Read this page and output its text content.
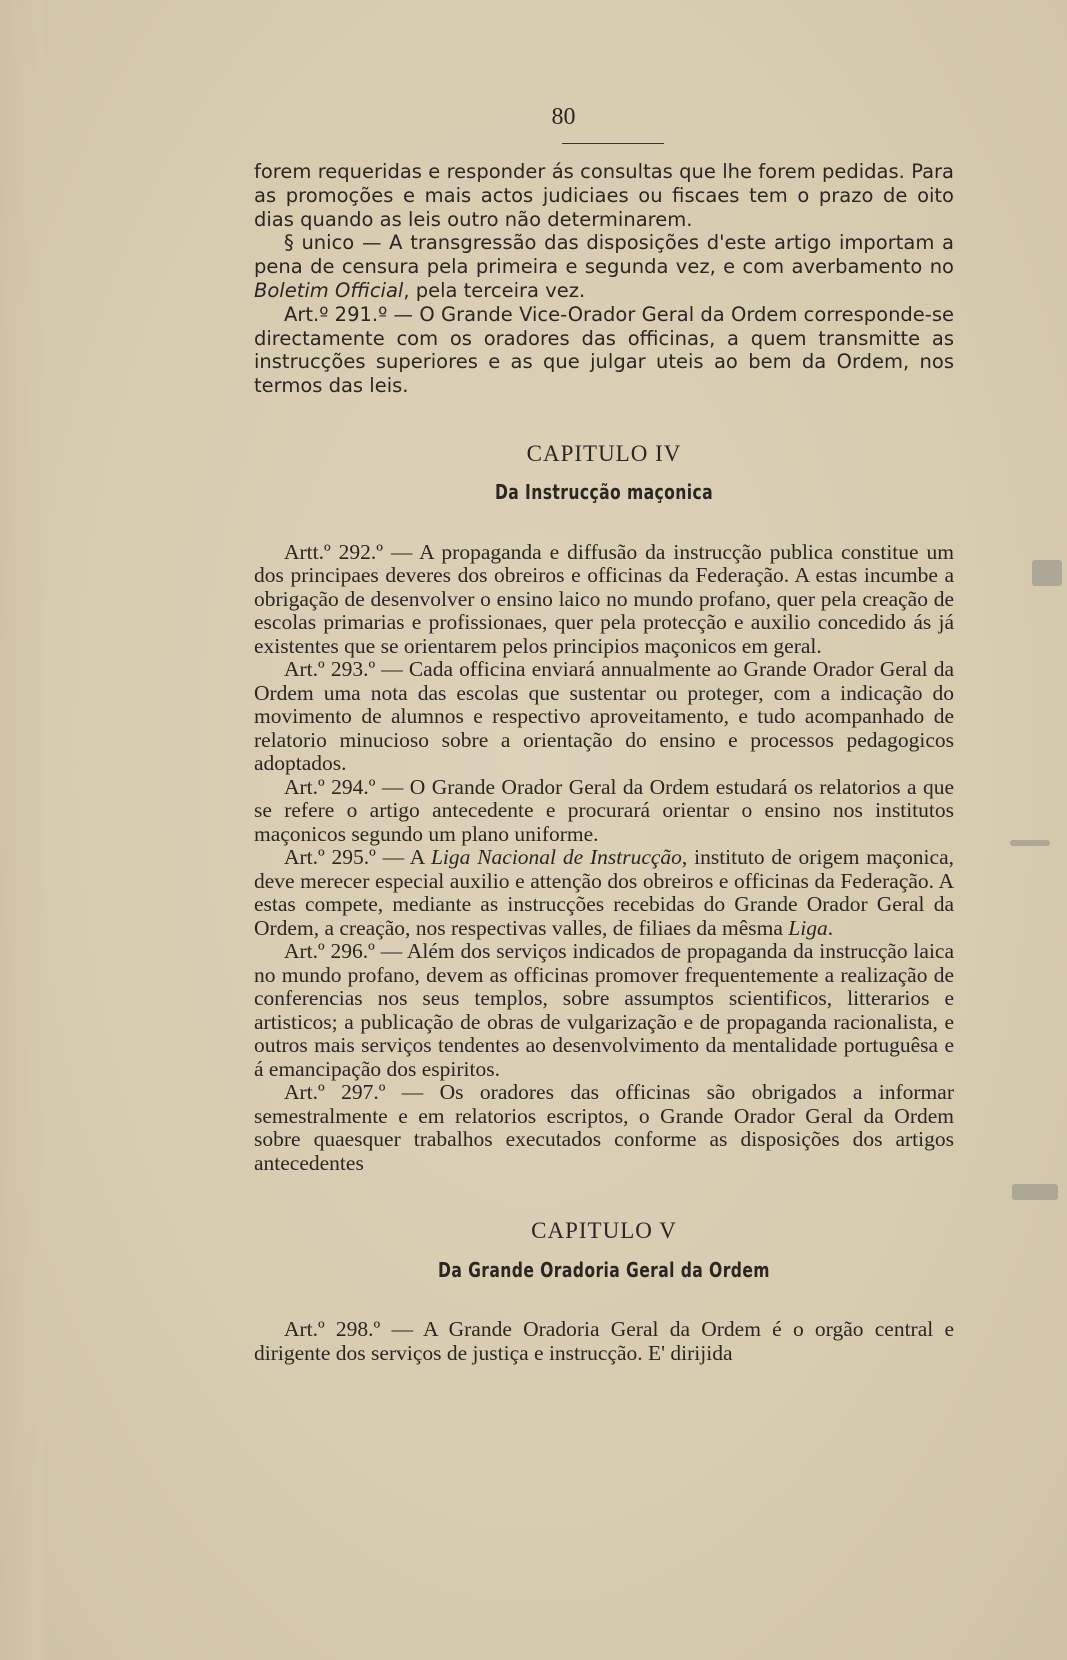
80

forem requeridas e responder ás consultas que lhe forem pedidas. Para as promoções e mais actos judiciaes ou fiscaes tem o prazo de oito dias quando as leis outro não determinarem.

§ unico — A transgressão das disposições d'este artigo importam a pena de censura pela primeira e segunda vez, e com averbamento no Boletim Official, pela terceira vez.

Art.º 291.º — O Grande Vice-Orador Geral da Ordem corresponde-se directamente com os oradores das officinas, a quem transmitte as instrucções superiores e as que julgar uteis ao bem da Ordem, nos termos das leis.

CAPITULO IV
Da Instrucção maçonica

Artt.º 292.º — A propaganda e diffusão da instrucção publica constitue um dos principaes deveres dos obreiros e officinas da Federação. A estas incumbe a obrigação de desenvolver o ensino laico no mundo profano, quer pela creação de escolas primarias e profissionaes, quer pela protecção e auxilio concedido ás já existentes que se orientarem pelos principios maçonicos em geral.

Art.º 293.º — Cada officina enviará annualmente ao Grande Orador Geral da Ordem uma nota das escolas que sustentar ou proteger, com a indicação do movimento de alumnos e respectivo aproveitamento, e tudo acompanhado de relatorio minucioso sobre a orientação do ensino e processos pedagogicos adoptados.

Art.º 294.º — O Grande Orador Geral da Ordem estudará os relatorios a que se refere o artigo antecedente e procurará orientar o ensino nos institutos maçonicos segundo um plano uniforme.

Art.º 295.º — A Liga Nacional de Instrucção, instituto de origem maçonica, deve merecer especial auxilio e attenção dos obreiros e officinas da Federação. A estas compete, mediante as instrucções recebidas do Grande Orador Geral da Ordem, a creação, nos respectivas valles, de filiaes da mêsma Liga.

Art.º 296.º — Além dos serviços indicados de propaganda da instrucção laica no mundo profano, devem as officinas promover frequentemente a realização de conferencias nos seus templos, sobre assumptos scientificos, litterarios e artisticos; a publicação de obras de vulgarização e de propaganda racionalista, e outros mais serviços tendentes ao desenvolvimento da mentalidade portuguêsa e á emancipação dos espiritos.

Art.º 297.º — Os oradores das officinas são obrigados a informar semestralmente e em relatorios escriptos, o Grande Orador Geral da Ordem sobre quaesquer trabalhos executados conforme as disposições dos artigos antecedentes

CAPITULO V
Da Grande Oradoria Geral da Ordem

Art.º 298.º — A Grande Oradoria Geral da Ordem é o orgão central e dirigente dos serviços de justiça e instrucção. E' dirijida
